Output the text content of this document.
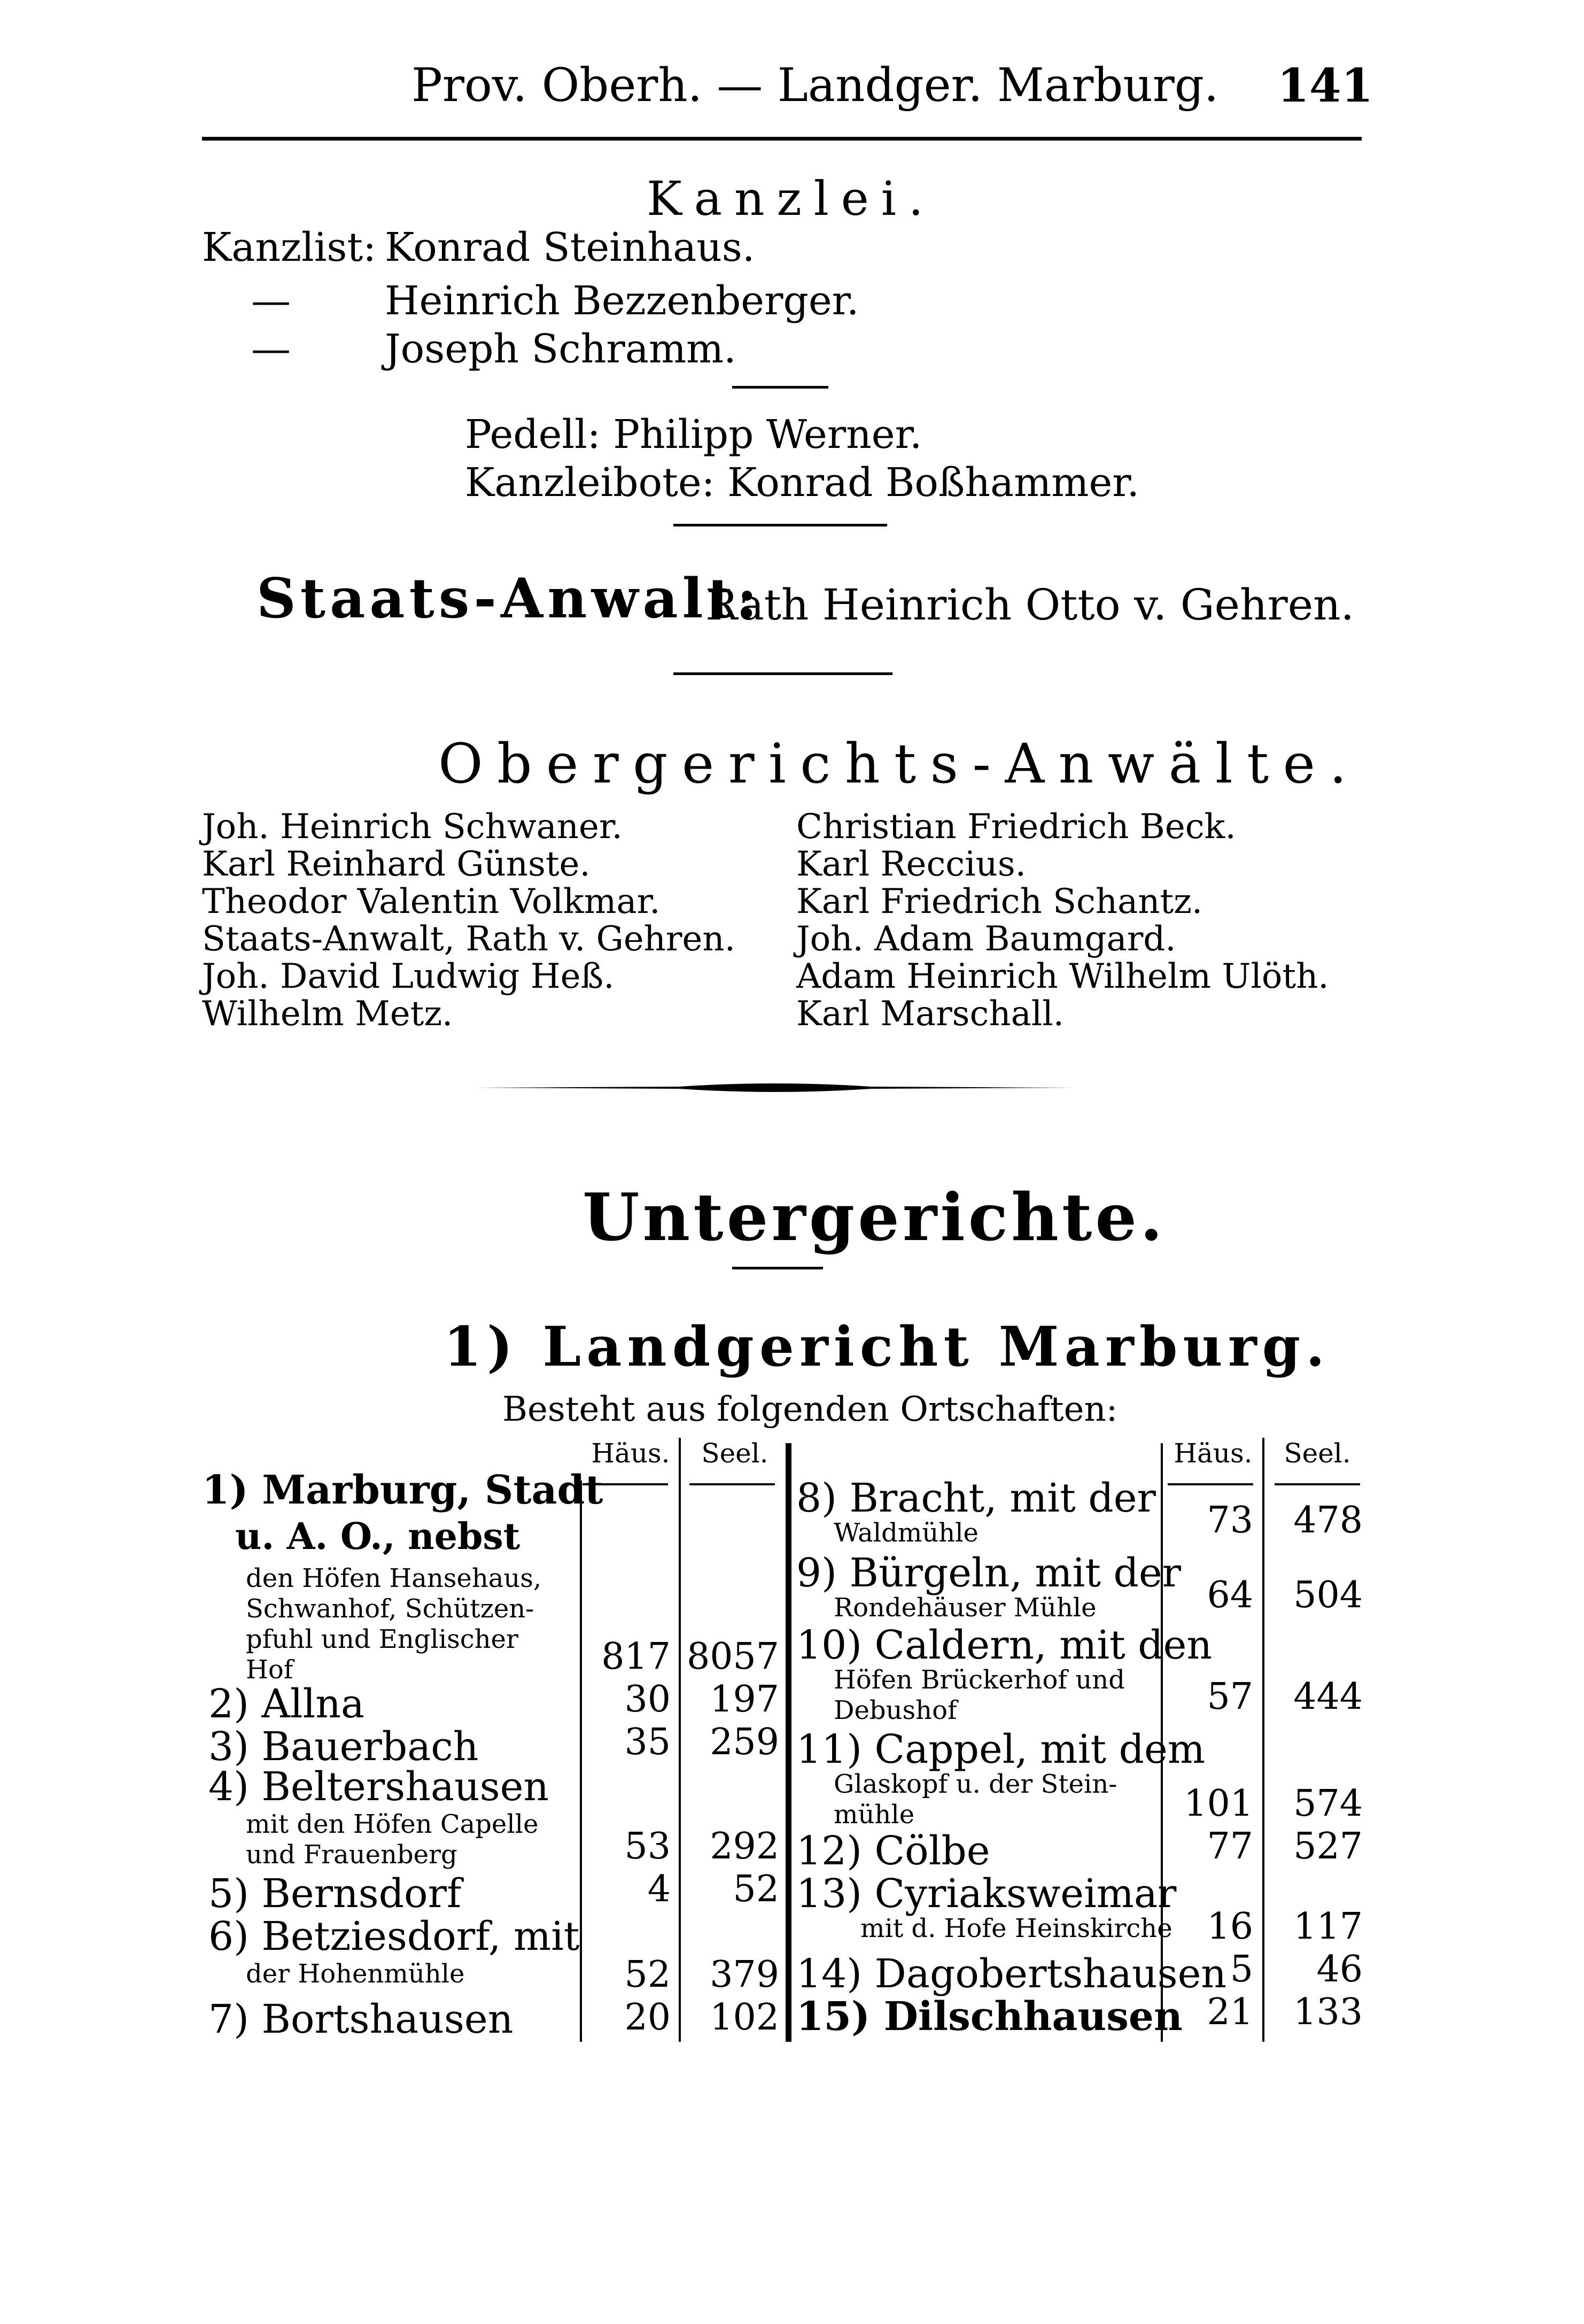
Prov. Oberh. — Landger. Marburg. 141
Kanzlei.
Kanzlist: Konrad Steinhaus.
— Heinrich Bezzenberger.
— Joseph Schramm.
Pedell: Philipp Werner.
Kanzleibote: Konrad Boßhammer.
Staats-Anwalt:
Rath Heinrich Otto v. Gehren.
Obergerichts-Anwälte.
Joh. Heinrich Schwaner.
Karl Reinhard Günste.
Theodor Valentin Volkmar.
Staats-Anwalt, Rath v. Gehren.
Joh. David Ludwig Heß.
Wilhelm Metz.
Christian Friedrich Beck.
Karl Reccius.
Karl Friedrich Schantz.
Joh. Adam Baumgard.
Adam Heinrich Wilhelm Ulöth.
Karl Marschall.
Untergerichte.
1) Landgericht Marburg.
Besteht aus folgenden Ortschaften:
Häus.	Seel.	Häus.	Seel.
1) Marburg, Stadt
u. A. O., nebst
den Höfen Hansehaus,
Schwanhof, Schützen-
pfuhl und Englischer
Hof	817 8057
2) Allna	30	197
3) Bauerbach	35	259
4) Beltershausen
mit den Höfen Capelle
und Frauenberg	53	292
5) Bernsdorf	4	52
6) Betziesdorf, mit
der Hohenmühle	52	379
7) Bortshausen	20	102
8) Bracht, mit der
Waldmühle	73	478
9) Bürgeln, mit der
Rondehäuser Mühle	64	504
10) Caldern, mit den
Höfen Brückerhof und
Debushof	57	444
11) Cappel, mit dem
Glaskopf u. der Stein-
mühle	101	574
12) Cölbe	77	527
13) Cyriaksweimar
mit d. Hofe Heinskirche 16	117
14) Dagobertshausen 5	46
15) Dilschhausen 21	133
